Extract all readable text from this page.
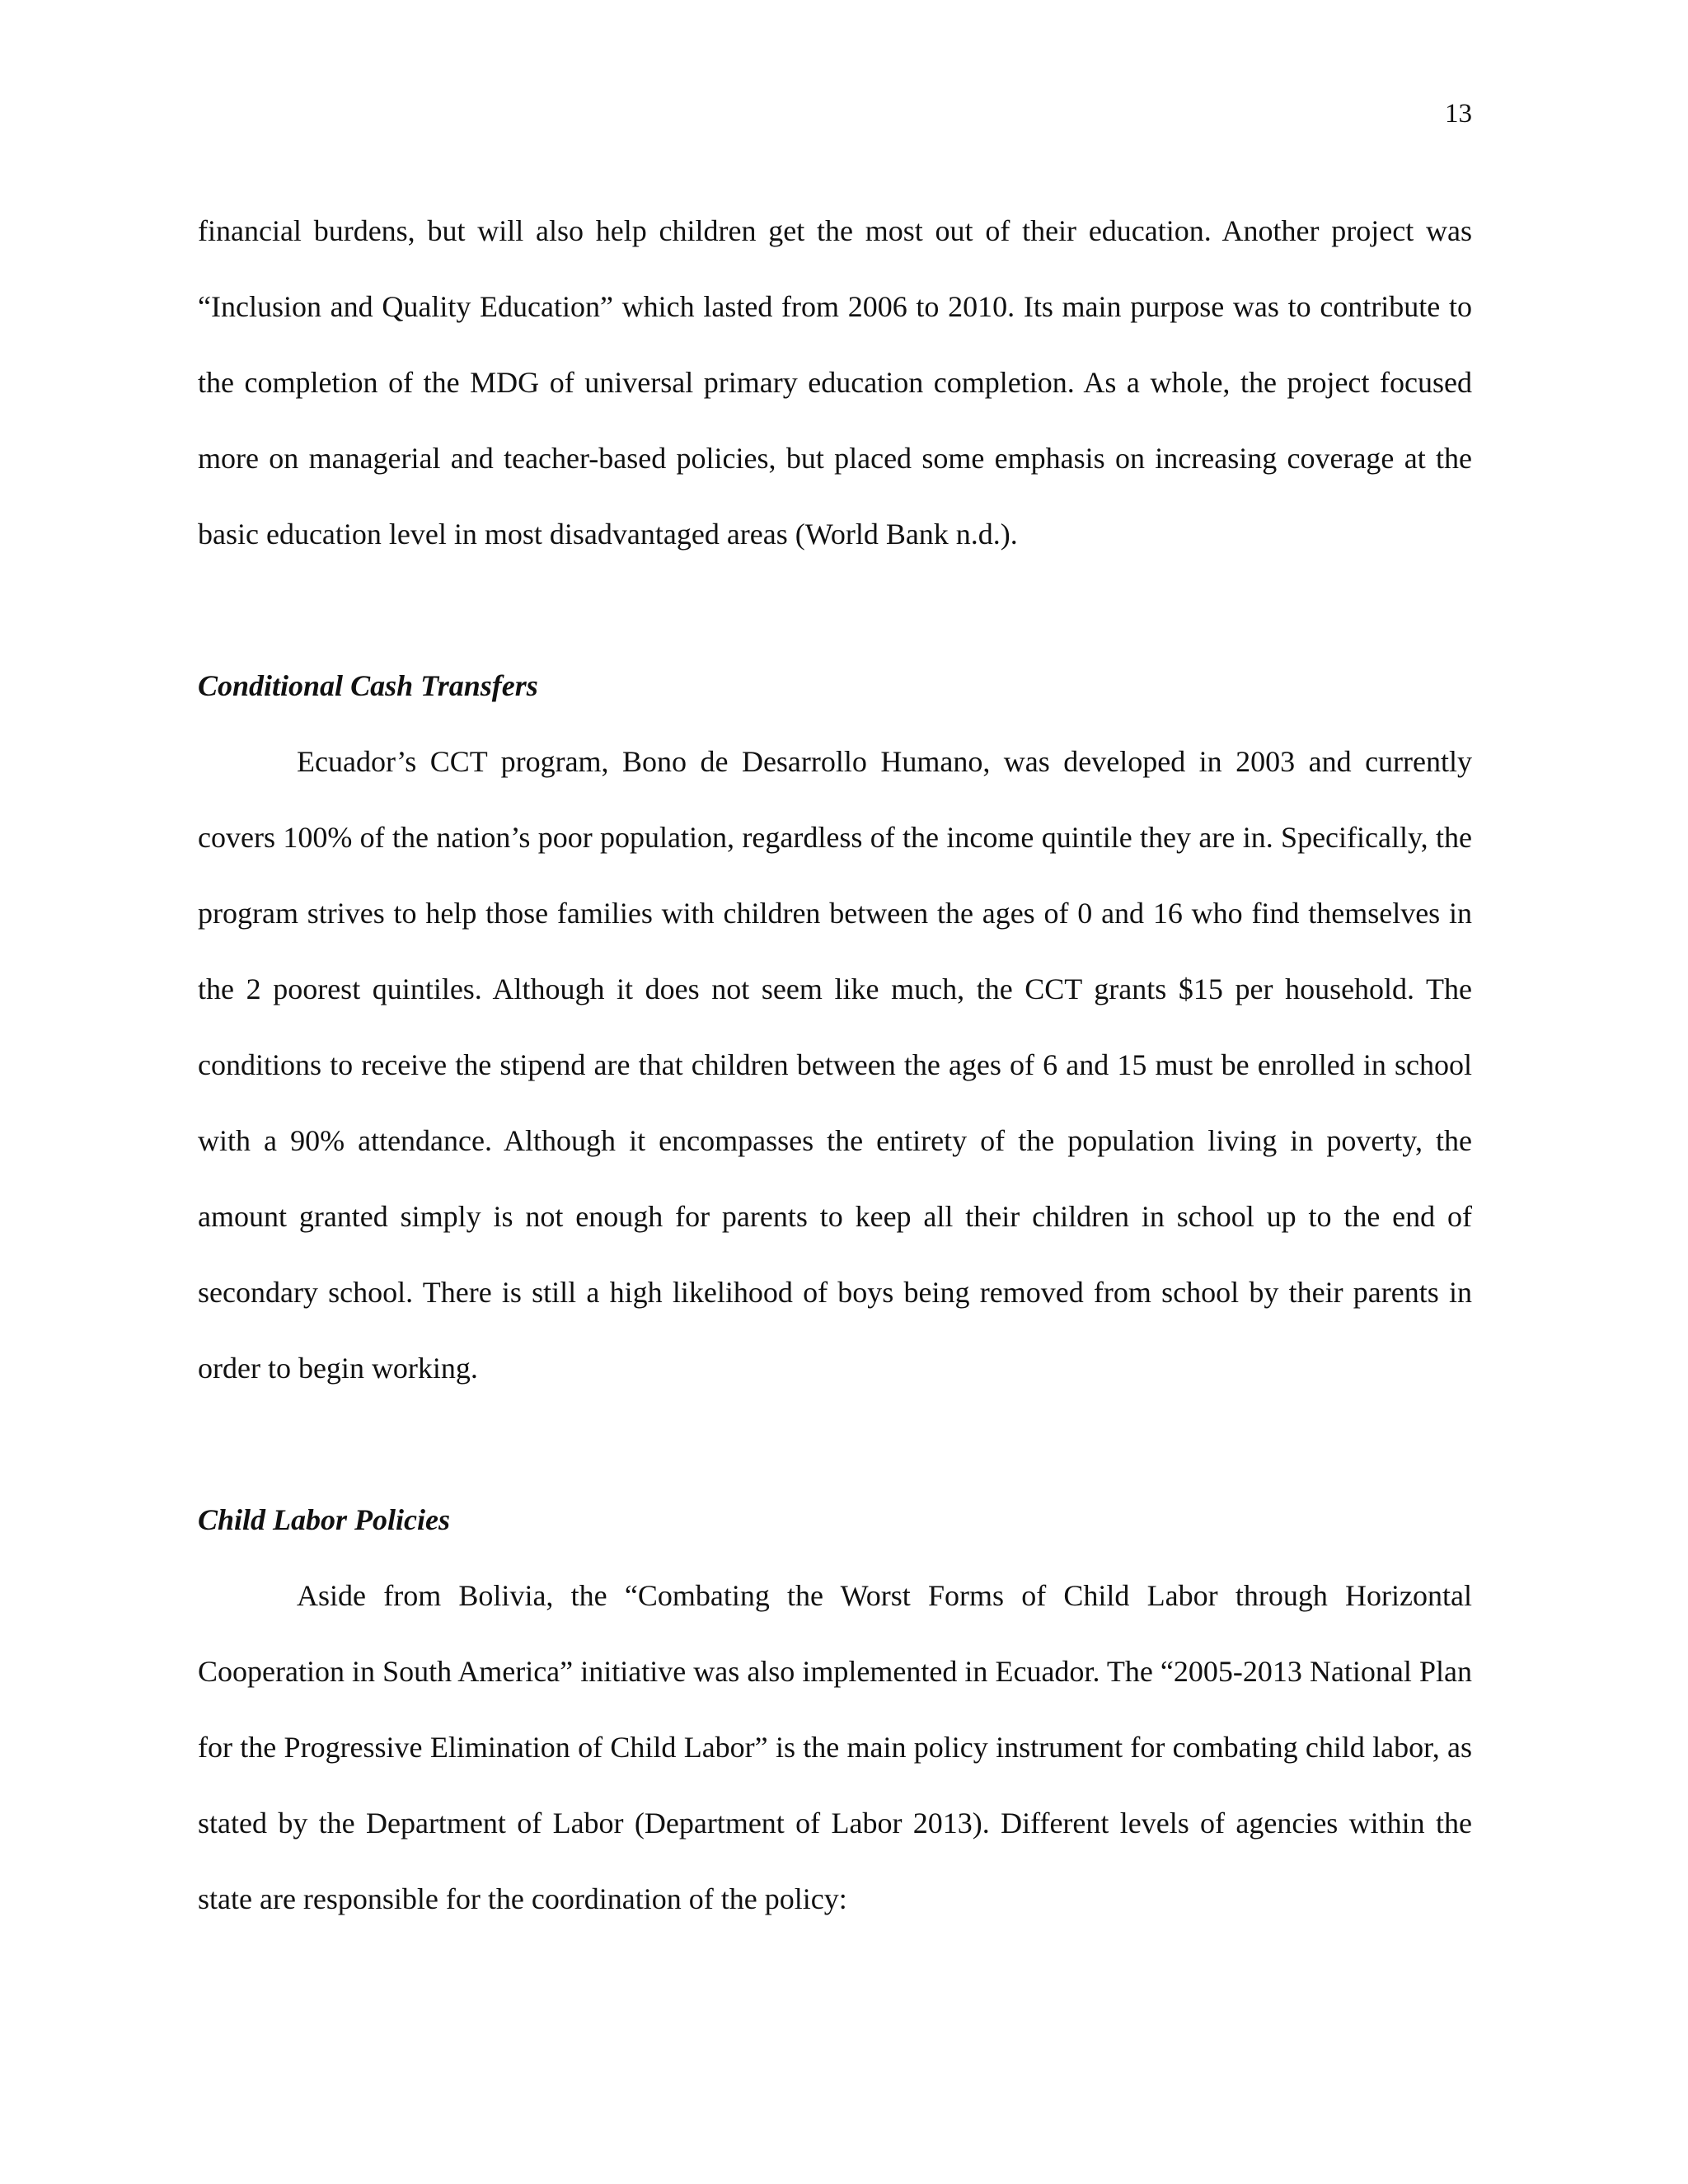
13

financial burdens, but will also help children get the most out of their education. Another project was “Inclusion and Quality Education” which lasted from 2006 to 2010. Its main purpose was to contribute to the completion of the MDG of universal primary education completion. As a whole, the project focused more on managerial and teacher-based policies, but placed some emphasis on increasing coverage at the basic education level in most disadvantaged areas (World Bank n.d.).

Conditional Cash Transfers

Ecuador’s CCT program, Bono de Desarrollo Humano, was developed in 2003 and currently covers 100% of the nation’s poor population, regardless of the income quintile they are in. Specifically, the program strives to help those families with children between the ages of 0 and 16 who find themselves in the 2 poorest quintiles. Although it does not seem like much, the CCT grants $15 per household. The conditions to receive the stipend are that children between the ages of 6 and 15 must be enrolled in school with a 90% attendance. Although it encompasses the entirety of the population living in poverty, the amount granted simply is not enough for parents to keep all their children in school up to the end of secondary school. There is still a high likelihood of boys being removed from school by their parents in order to begin working.

Child Labor Policies

Aside from Bolivia, the “Combating the Worst Forms of Child Labor through Horizontal Cooperation in South America” initiative was also implemented in Ecuador. The “2005-2013 National Plan for the Progressive Elimination of Child Labor” is the main policy instrument for combating child labor, as stated by the Department of Labor (Department of Labor 2013). Different levels of agencies within the state are responsible for the coordination of the policy:
